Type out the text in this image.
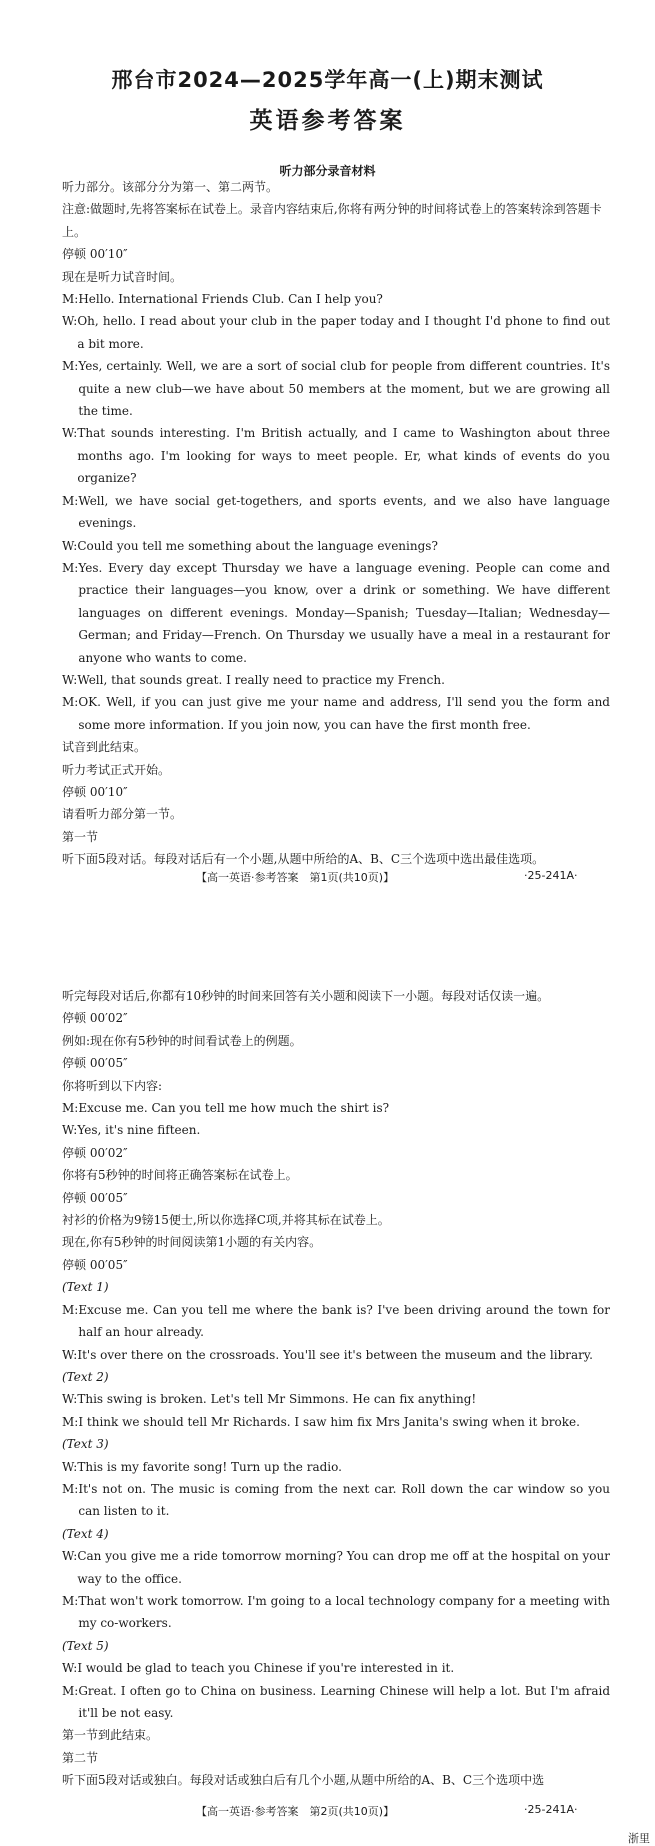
邢台市2024—2025学年高一(上)期末测试
英语参考答案
听力部分录音材料

听力部分。该部分分为第一、第二两节。

注意:做题时,先将答案标在试卷上。录音内容结束后,你将有两分钟的时间将试卷上的答案转涂到答题卡上。

停顿 00′10″

现在是听力试音时间。

M: Hello. International Friends Club. Can I help you?
W: Oh, hello. I read about your club in the paper today and I thought I'd phone to find out a bit more.
M: Yes, certainly. Well, we are a sort of social club for people from different countries. It's quite a new club—we have about 50 members at the moment, but we are growing all the time.
W: That sounds interesting. I'm British actually, and I came to Washington about three months ago. I'm looking for ways to meet people. Er, what kinds of events do you organize?
M: Well, we have social get-togethers, and sports events, and we also have language evenings.
W: Could you tell me something about the language evenings?
M: Yes. Every day except Thursday we have a language evening. People can come and practice their languages—you know, over a drink or something. We have different languages on different evenings. Monday—Spanish; Tuesday—Italian; Wednesday—German; and Friday—French. On Thursday we usually have a meal in a restaurant for anyone who wants to come.
W: Well, that sounds great. I really need to practice my French.
M: OK. Well, if you can just give me your name and address, I'll send you the form and some more information. If you join now, you can have the first month free.

试音到此结束。

听力考试正式开始。

停顿 00′10″

请看听力部分第一节。

第一节

听下面5段对话。每段对话后有一个小题,从题中所给的A、B、C三个选项中选出最佳选项。

【高一英语·参考答案　第1页(共10页)】	·25-241A·

听完每段对话后,你都有10秒钟的时间来回答有关小题和阅读下一小题。每段对话仅读一遍。

停顿 00′02″

例如:现在你有5秒钟的时间看试卷上的例题。

停顿 00′05″

你将听到以下内容:

M: Excuse me. Can you tell me how much the shirt is?
W: Yes, it's nine fifteen.

停顿 00′02″

你将有5秒钟的时间将正确答案标在试卷上。

停顿 00′05″

衬衫的价格为9镑15便士,所以你选择C项,并将其标在试卷上。

现在,你有5秒钟的时间阅读第1小题的有关内容。

停顿 00′05″

(Text 1)

M: Excuse me. Can you tell me where the bank is? I've been driving around the town for half an hour already.
W: It's over there on the crossroads. You'll see it's between the museum and the library.

(Text 2)

W: This swing is broken. Let's tell Mr Simmons. He can fix anything!
M: I think we should tell Mr Richards. I saw him fix Mrs Janita's swing when it broke.

(Text 3)

W: This is my favorite song! Turn up the radio.
M: It's not on. The music is coming from the next car. Roll down the car window so you can listen to it.

(Text 4)

W: Can you give me a ride tomorrow morning? You can drop me off at the hospital on your way to the office.
M: That won't work tomorrow. I'm going to a local technology company for a meeting with my co-workers.

(Text 5)

W: I would be glad to teach you Chinese if you're interested in it.
M: Great. I often go to China on business. Learning Chinese will help a lot. But I'm afraid it'll be not easy.

第一节到此结束。

第二节

听下面5段对话或独白。每段对话或独白后有几个小题,从题中所给的A、B、C三个选项中选

【高一英语·参考答案　第2页(共10页)】	·25-241A·
浙里
